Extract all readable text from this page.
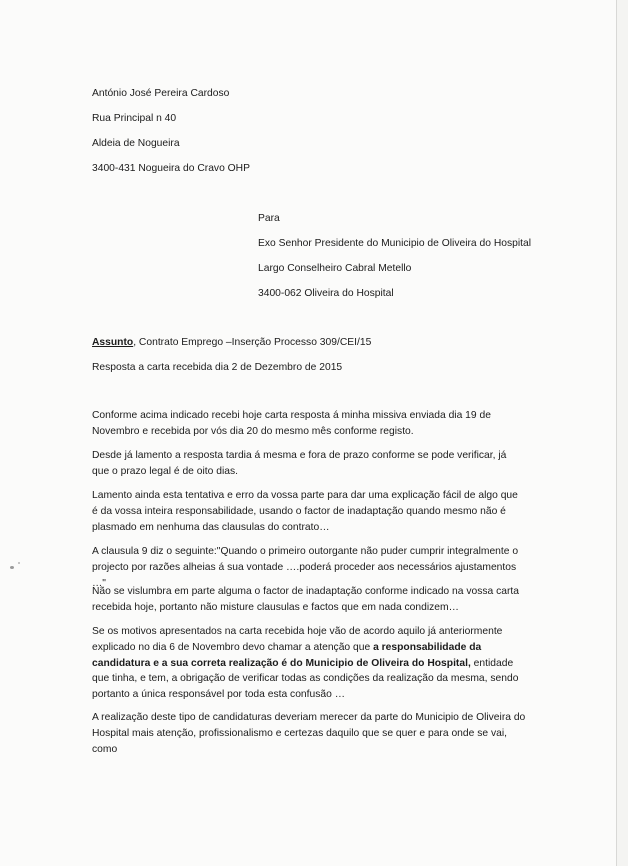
António José Pereira Cardoso
Rua Principal n 40
Aldeia de Nogueira
3400-431 Nogueira do Cravo OHP
Para
Exo Senhor Presidente do Municipio de Oliveira do Hospital
Largo Conselheiro Cabral Metello
3400-062 Oliveira do Hospital
Assunto, Contrato Emprego –Inserção Processo 309/CEI/15
Resposta a carta recebida dia 2 de Dezembro de 2015
Conforme acima indicado recebi hoje carta resposta á minha missiva enviada dia 19 de Novembro e recebida por vós dia 20 do mesmo mês conforme registo.
Desde já lamento a resposta tardia á mesma e fora de prazo conforme se pode verificar, já que o prazo legal é de oito dias.
Lamento ainda esta tentativa e erro da vossa parte para dar uma explicação fácil de algo que é da vossa inteira responsabilidade, usando o factor de inadaptação quando mesmo não é plasmado em nenhuma das clausulas do contrato…
A clausula 9 diz o seguinte:"Quando o primeiro outorgante não puder cumprir integralmente o projecto por razões alheias á sua vontade ….poderá proceder aos necessários ajustamentos …"
Não se vislumbra em parte alguma o factor de inadaptação conforme indicado na vossa carta recebida hoje, portanto não misture clausulas e factos que em nada condizem…
Se os motivos apresentados na carta recebida hoje vão de acordo aquilo já anteriormente explicado no dia 6 de Novembro devo chamar a atenção que a responsabilidade da candidatura e a sua correta realização é do Municipio de Oliveira do Hospital, entidade que tinha, e tem, a obrigação de verificar todas as condições da realização da mesma, sendo portanto a única responsável por toda esta confusão …
A realização deste tipo de candidaturas deveriam merecer da parte do Municipio de Oliveira do Hospital mais atenção, profissionalismo e certezas daquilo que se quer e para onde se vai, como
